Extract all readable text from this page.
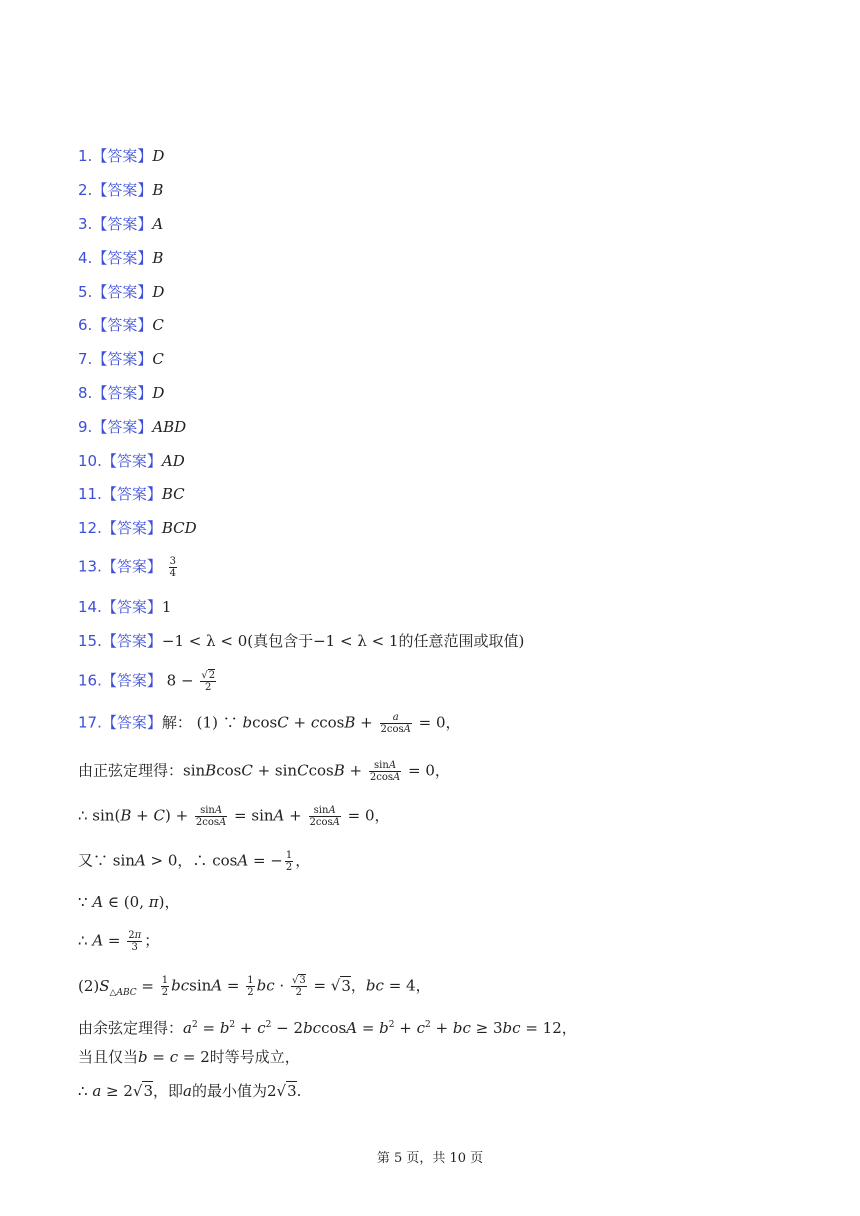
1.【答案】D
2.【答案】B
3.【答案】A
4.【答案】B
5.【答案】D
6.【答案】C
7.【答案】C
8.【答案】D
9.【答案】ABD
10.【答案】AD
11.【答案】BC
12.【答案】BCD
13.【答案】 $\frac{3}{4}$
14.【答案】1
15.【答案】−1 < λ < 0(真包含于−1 < λ < 1的任意范围或取值)
16.【答案】 $8 - \frac{√2}{2}$
17.【答案】解： (1) ∵ $bcosC + ccosB + \frac{a}{2\cos A} = 0$，
由正弦定理得：sinBcosC + sinCcosB + $\frac{\sin A}{2\cos A} = 0$，
∴ $\sin(B + C) + \frac{\sin A}{2\cos A} = \sin A + \frac{\sin A}{2\cos A} = 0$，
又∵ sinA > 0，∴ cosA = − $\frac{1}{2}$ ，
∵ A ∈ (0, π)，
∴ $A = \frac{2\pi}{3}$ ；
$(2)S_{\triangle ABC} = \frac{1}{2}$ $bcsinA = \frac{1}{2}$ bc · $\frac{√3}{2} = √3$，bc = 4，
由余弦定理得：$a^2 = b^2 + c^2 - 2bccosA = b^2 + c^2$ + bc ≥ 3bc = 12，
当且仅当b = c = 2时等号成立，
∴ a ≥ 2√3，即a的最小值为2√3.
第 5 页，共 10 页
